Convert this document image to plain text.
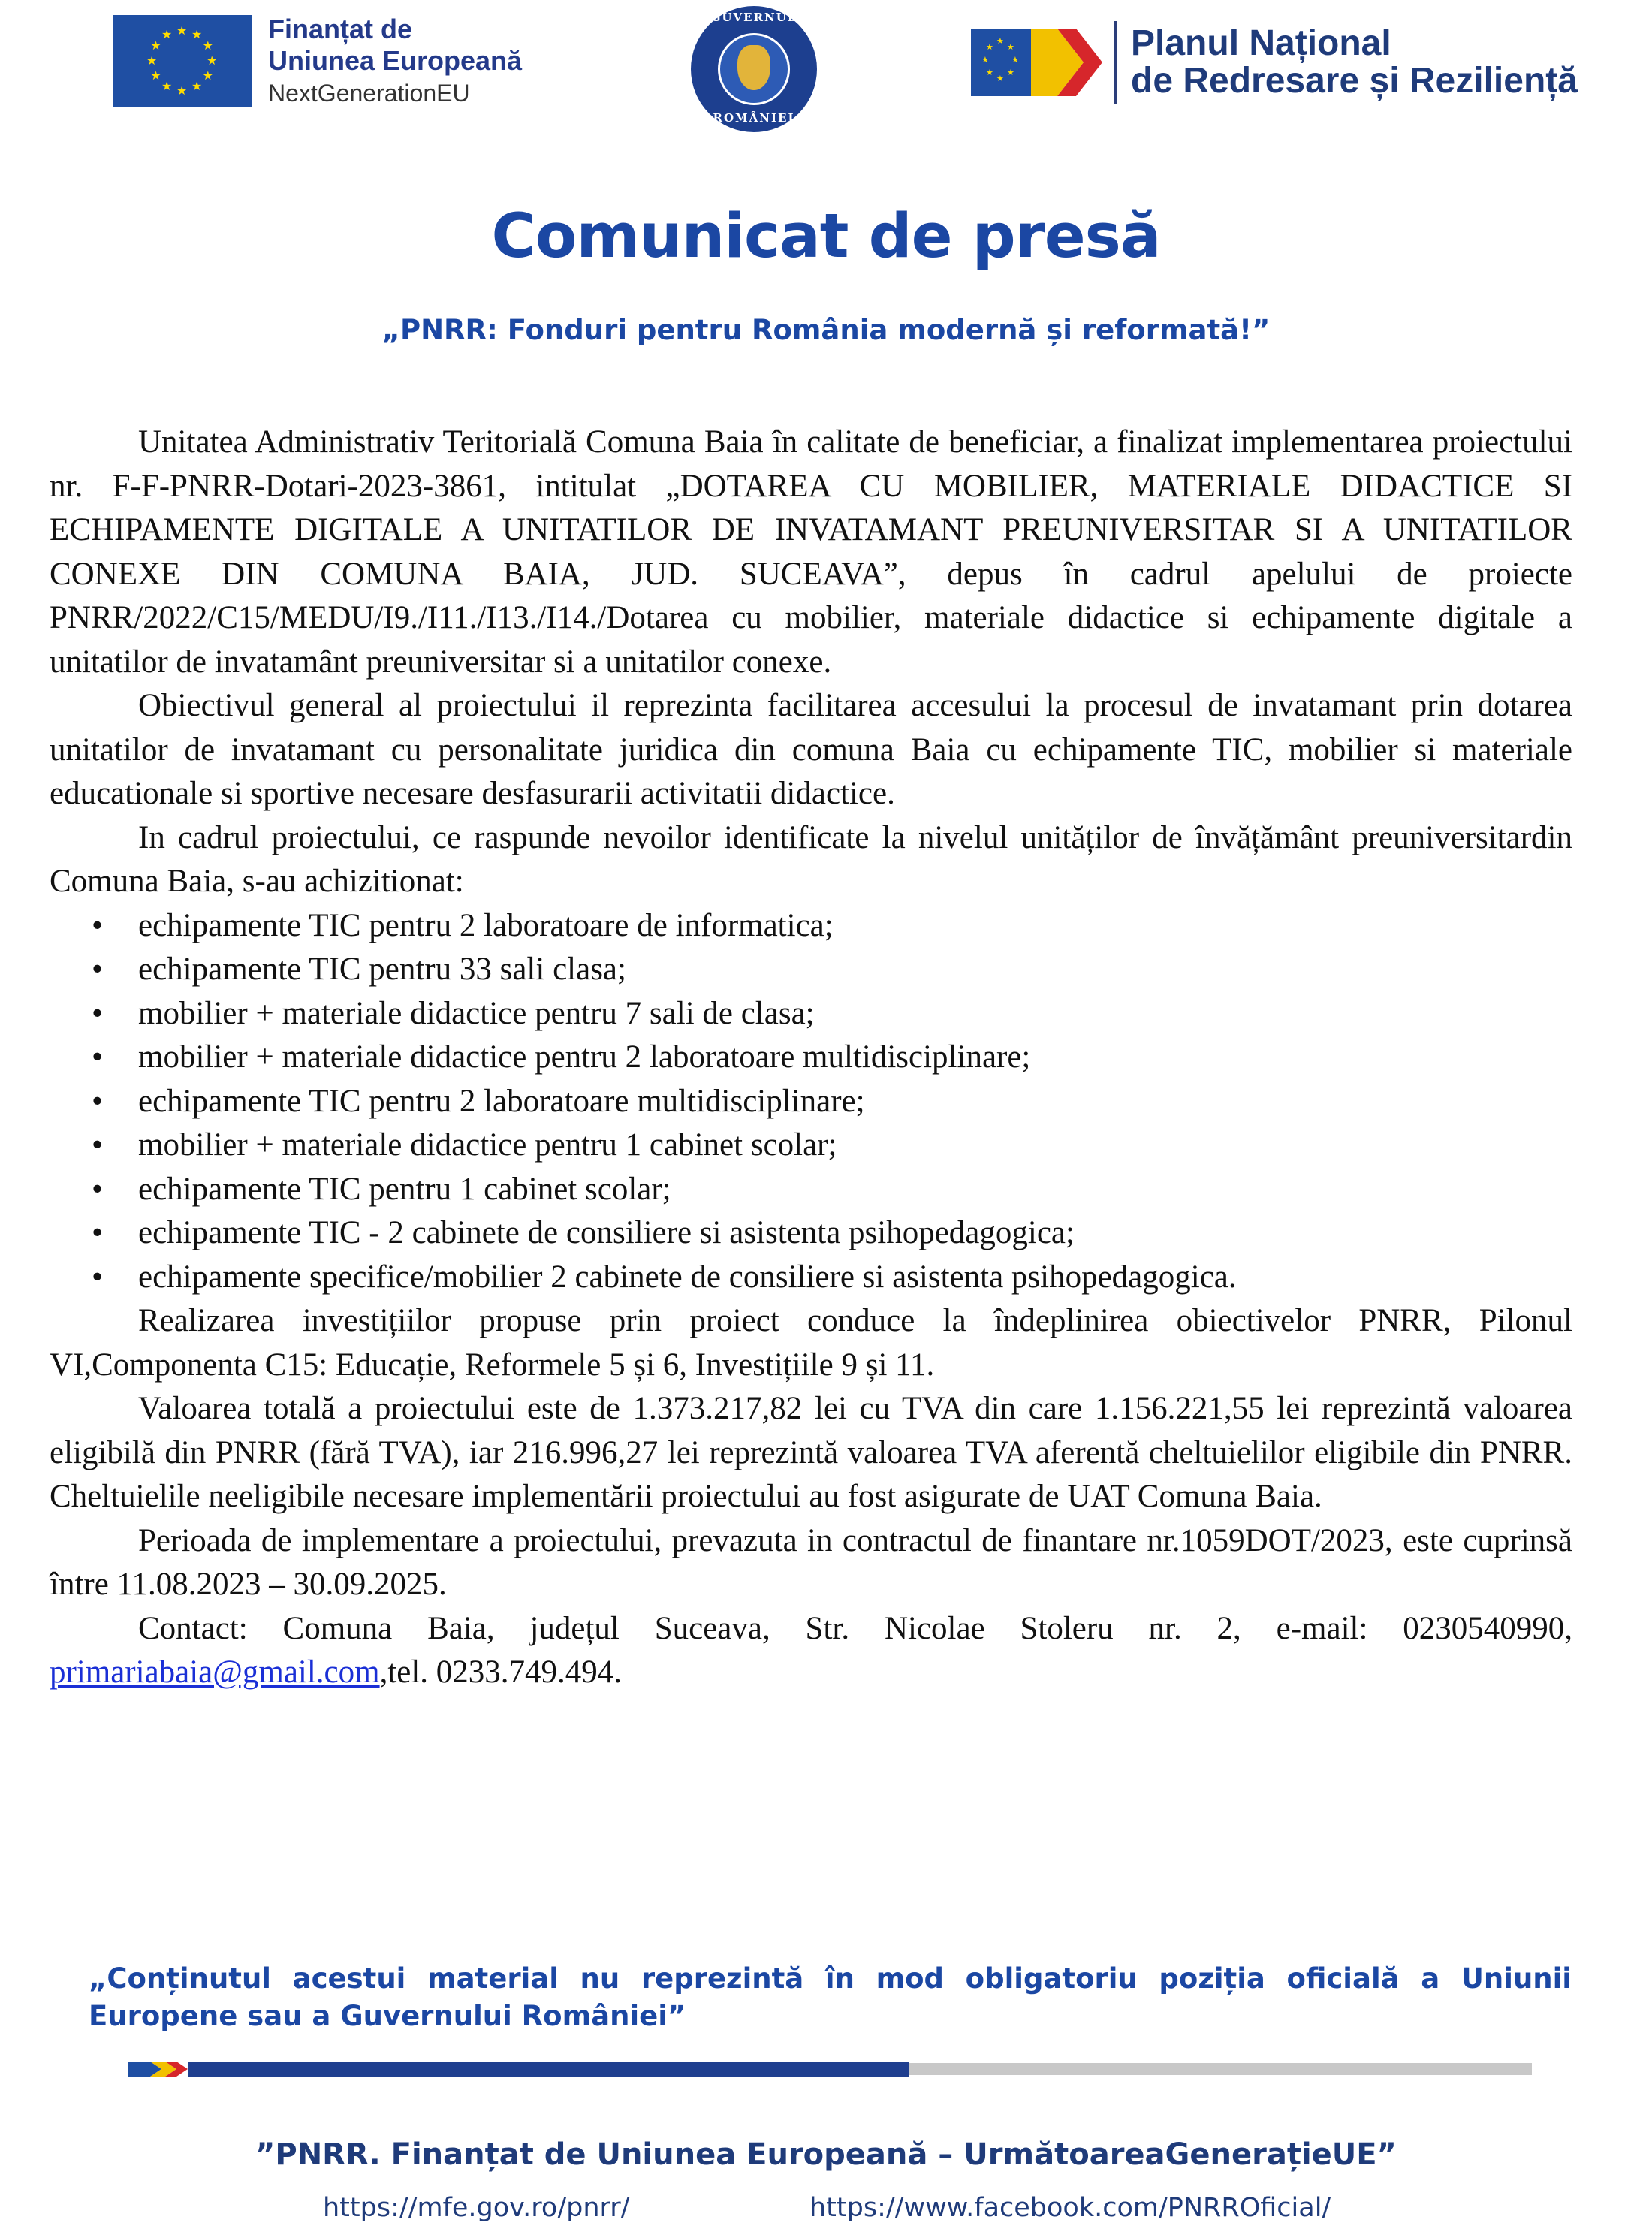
★ ★
★
★
★
★
★
★
★
★
★
★	Finanțat de
Uniunea Europeană
NextGenerationEU
GUVERNUL
ROMÂNIEI
★
★
★
★
★
★
★
★	Planul Național
de Redresare și Reziliență
Comunicat de presă
„PNRR: Fonduri pentru România modernă și reformată!”

Unitatea Administrativ Teritorială Comuna Baia în calitate de beneficiar, a finalizat implementarea proiectului nr. F-F-PNRR-Dotari-2023-3861, intitulat „DOTAREA CU MOBILIER, MATERIALE DIDACTICE SI ECHIPAMENTE DIGITALE A UNITATILOR DE INVATAMANT PREUNIVERSITAR SI A UNITATILOR CONEXE DIN COMUNA BAIA, JUD. SUCEAVA”, depus în cadrul apelului de proiecte PNRR/2022/C15/MEDU/I9./I11./I13./I14./Dotarea cu mobilier, materiale didactice si echipamente digitale a unitatilor de invatamânt preuniversitar si a unitatilor conexe.

Obiectivul general al proiectului il reprezinta facilitarea accesului la procesul de invatamant prin dotarea unitatilor de invatamant cu personalitate juridica din comuna Baia cu echipamente TIC, mobilier si materiale educationale si sportive necesare desfasurarii activitatii didactice.

In cadrul proiectului, ce raspunde nevoilor identificate la nivelul unităților de învățământ preuniversitardin Comuna Baia, s-au achizitionat:

• echipamente TIC pentru 2 laboratoare de informatica;
• echipamente TIC pentru 33 sali clasa;
• mobilier + materiale didactice pentru 7 sali de clasa;
• mobilier + materiale didactice pentru 2 laboratoare multidisciplinare;
• echipamente TIC pentru 2 laboratoare multidisciplinare;
• mobilier + materiale didactice pentru 1 cabinet scolar;
• echipamente TIC pentru 1 cabinet scolar;
• echipamente TIC - 2 cabinete de consiliere si asistenta psihopedagogica;
• echipamente specifice/mobilier 2 cabinete de consiliere si asistenta psihopedagogica.

Realizarea investițiilor propuse prin proiect conduce la îndeplinirea obiectivelor PNRR, Pilonul VI,Componenta C15: Educație, Reformele 5 și 6, Investițiile 9 și 11.

Valoarea totală a proiectului este de 1.373.217,82 lei cu TVA din care 1.156.221,55 lei reprezintă valoarea eligibilă din PNRR (fără TVA), iar 216.996,27 lei reprezintă valoarea TVA aferentă cheltuielilor eligibile din PNRR. Cheltuielile neeligibile necesare implementării proiectului au fost asigurate de UAT Comuna Baia.

Perioada de implementare a proiectului, prevazuta in contractul de finantare nr.1059DOT/2023, este cuprinsă între 11.08.2023 – 30.09.2025.

Contact: Comuna Baia, județul Suceava, Str. Nicolae Stoleru nr. 2, e-mail: 0230540990, primariabaia@gmail.com,tel. 0233.749.494.

„Conținutul acestui material nu reprezintă în mod obligatoriu poziția oficială a Uniunii Europene sau a Guvernului României”
”PNRR. Finanțat de Uniunea Europeană – UrmătoareaGenerațieUE”
https://mfe.gov.ro/pnrr/	https://www.facebook.com/PNRROficial/
